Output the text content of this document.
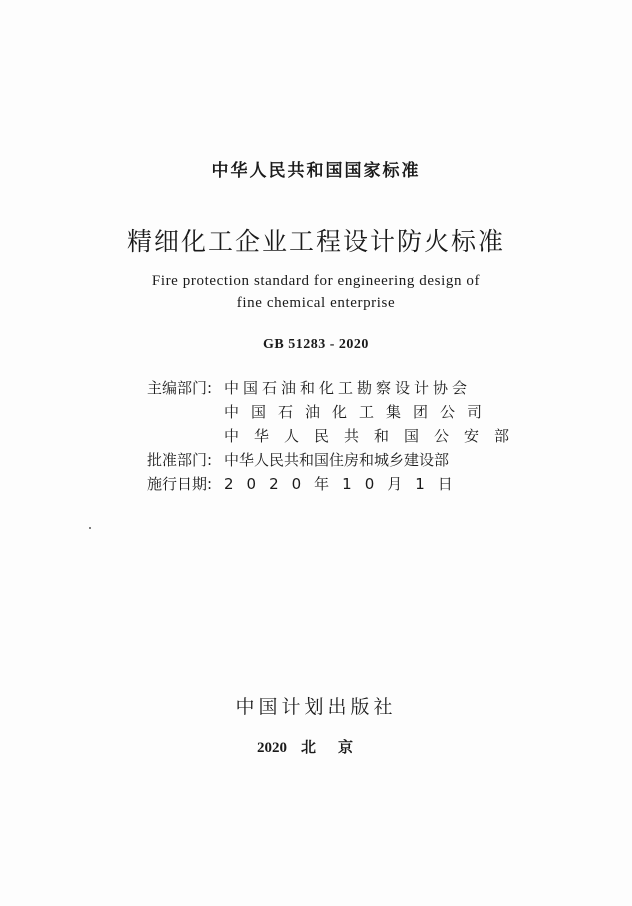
中华人民共和国国家标准
精细化工企业工程设计防火标准
Fire protection standard for engineering design of
fine chemical enterprise
GB 51283 - 2020
主编部门: 中国石油和化工勘察设计协会
中国石油化工集团公司
中华人民共和国公安部
批准部门: 中华人民共和国住房和城乡建设部
施行日期: 2020年10月1日
中国计划出版社
2020 北京
